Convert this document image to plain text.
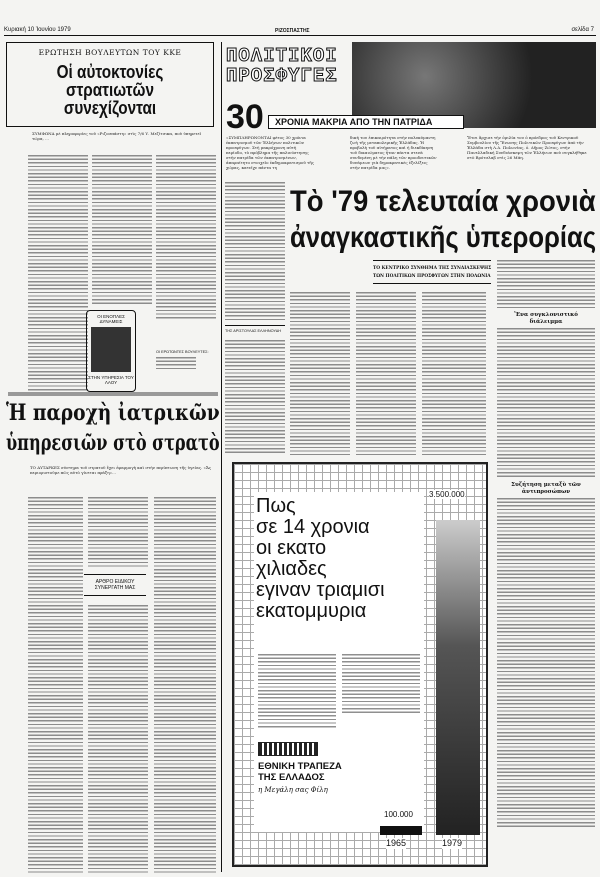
Κυριακή 10 Ἰουνίου 1979	ΡΙΖΟΣΠΑΣΤΗΣ	σελίδα 7
ΕΡΩΤΗΣΗ ΒΟΥΛΕΥΤΩΝ ΤΟΥ ΚΚΕ
Οἱ αὐτοκτονίες στρατιωτῶν συνεχίζονται
ΣΥΜΦΩΝΑ μὲ πληροφορίες τοῦ «Ριζοσπάστη» στὶς 7/6 Υ. Μεζίτσικα, ποὺ ὑπηρετεῖ τώρα, ...
ΟΙ ΕΝΟΠΛΕΣ ΔΥΝΑΜΕΙΣ
ΣΤΗΝ ΥΠΗΡΕΣΙΑ ΤΟΥ ΛΑΟΥ
ΟΙ ΕΡΩΤΩΝΤΕΣ ΒΟΥΛΕΥΤΕΣ:
Ἡ παροχὴ ἰατρικῶν
ὑπηρεσιῶν στὸ στρατὸ
ΤΟ ΑΥΤΑΡΚΕΣ σύστημα τοῦ στρατοῦ ἔχει ἐφαρμογὴ καὶ στὴν περίπτωση τῆς ὑγείας. «Ἄς περιοριστοῦμε πῶς αὐτὸ γίνεται πράξη»...
ΑΡΘΡΟ ΕΙΔΙΚΟΥ ΣΥΝΕΡΓΑΤΗ ΜΑΣ
ΠΟΛΙΤΙΚΟΙ
ΠΡΟΣΦΥΓΕΣ
30	ΧΡΟΝΙΑ ΜΑΚΡΙΑ ΑΠΟ ΤΗΝ ΠΑΤΡΙΔΑ
«ΣΥΜΠΛΗΡΩΝΟΝΤΑΙ φέτος 30 χρόνια ἐκπατρισμοῦ τῶν Ἑλλήνων πολιτικῶν προσφύγων. Στὴ μακρόχρονη αὐτὴ περίοδο, τὸ πρόβλημα τῆς παλινόστησης στὴν πατρίδα τῶν ἐκπατρισμένων, ἀπαραίτητο στοιχεῖο ἐκδημοκρατισμοῦ τῆς χώρας, κατεῖχε πάντα τη
δική του ἐπικαιρότητα στὴν πολυκύμαντη ζωὴ τῆς μεταπολεμικῆς Ἑλλάδας. Ἡ προβολὴ τοῦ αἰτήματος καὶ ἡ διεκδίκηση τοῦ δικαιώματος ἦταν πάντα στενὰ συνδεμένη μὲ τὴν πάλη τῶν προοδευτικῶν δυνάμεων γιὰ δημοκρατικὲς ἐξελίξεις στὴν πατρίδα μας».
Ἔτσι ἄρχισε τὴν ὁμιλία του ὁ πρόεδρος τοῦ Κεντρικοῦ Συμβουλίου τῆς Ἕνωσης Πολιτικῶν Προσφύγων ἀπὸ τὴν Ἑλλάδα στὴ Λ.Δ. Πολωνίας, ὁ. Δῆμος Ζώτος, στὴν Πανελλαδική Συνδιάσκεψη τῶν Ἑλλήνων ποὺ συγκλήθηκε στὸ Βρότσλαβ στὶς 26 Μάη.
ΤΗΣ ΑΡΙΣΤΟΥΛΑΣ ΕΛΛΗΝΟΥΔΗ
Τὸ '79 τελευταία χρονιὰ
ἀναγκαστικῆς ὑπερορίας
ΤΟ ΚΕΝΤΡΙΚΟ ΣΥΝΘΗΜΑ ΤΗΣ ΣΥΝΔΙΑΣΚΕΨΗΣ
ΤΩΝ ΠΟΛΙΤΙΚΩΝ ΠΡΟΣΦΥΓΩΝ ΣΤΗΝ ΠΟΛΩΝΙΑ
Ἕνα συγκλονιστικό διάλειμμα
Συζήτηση μεταξὺ τῶν ἀντιπροσώπων
Πως
σε 14 χρονια
οι εκατο
χιλιαδες
εγιναν τριαμισι
εκατομμυρια
ΕΘΝΙΚΗ ΤΡΑΠΕΖΑ
ΤΗΣ ΕΛΛΑΔΟΣ
η Μεγάλη σας Φίλη
3.500.000
1979
100.000
1965
